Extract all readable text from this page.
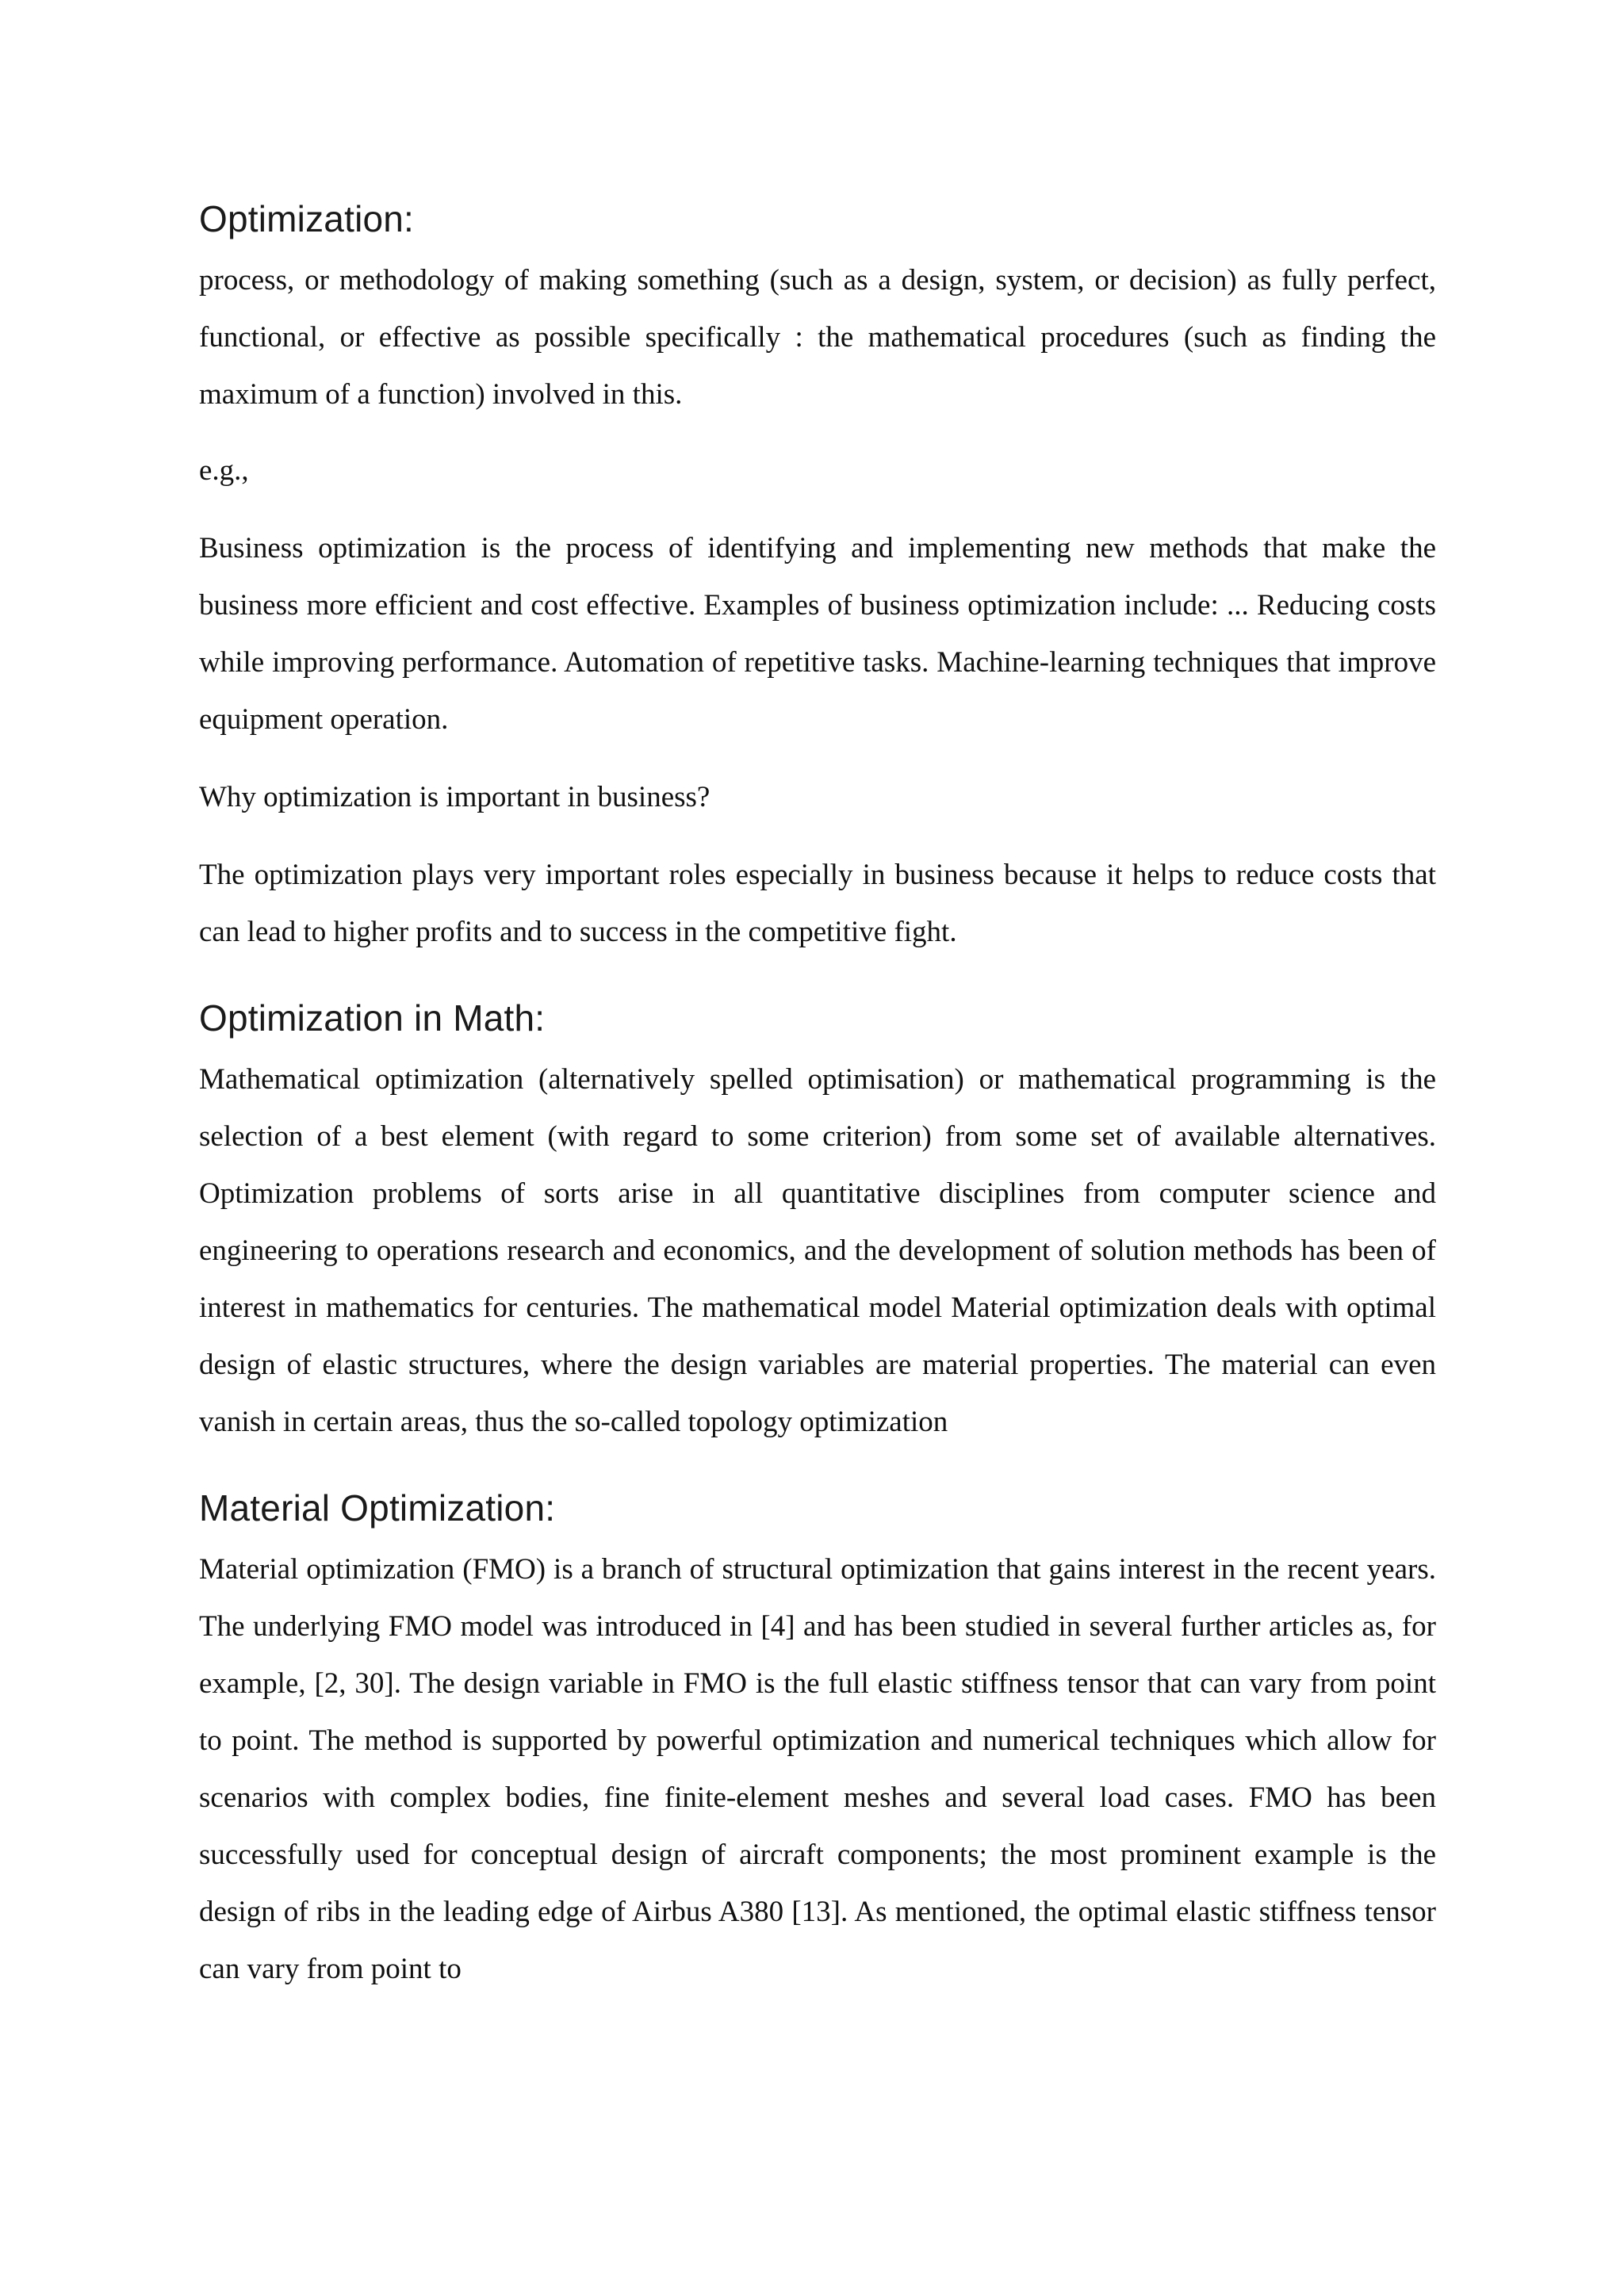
Optimization:

process, or methodology of making something (such as a design, system, or decision) as fully perfect, functional, or effective as possible specifically : the mathematical procedures (such as finding the maximum of a function) involved in this.

e.g.,

Business optimization is the process of identifying and implementing new methods that make the business more efficient and cost effective. Examples of business optimization include: ... Reducing costs while improving performance. Automation of repetitive tasks. Machine-learning techniques that improve equipment operation.

Why optimization is important in business?

The optimization plays very important roles especially in business because it helps to reduce costs that can lead to higher profits and to success in the competitive fight.

Optimization in Math:

Mathematical optimization (alternatively spelled optimisation) or mathematical programming is the selection of a best element (with regard to some criterion) from some set of available alternatives. Optimization problems of sorts arise in all quantitative disciplines from computer science and engineering to operations research and economics, and the development of solution methods has been of interest in mathematics for centuries. The mathematical model Material optimization deals with optimal design of elastic structures, where the design variables are material properties. The material can even vanish in certain areas, thus the so-called topology optimization

Material Optimization:

Material optimization (FMO) is a branch of structural optimization that gains interest in the recent years. The underlying FMO model was introduced in [4] and has been studied in several further articles as, for example, [2, 30]. The design variable in FMO is the full elastic stiffness tensor that can vary from point to point. The method is supported by powerful optimization and numerical techniques which allow for scenarios with complex bodies, fine finite-element meshes and several load cases. FMO has been successfully used for conceptual design of aircraft components; the most prominent example is the design of ribs in the leading edge of Airbus A380 [13]. As mentioned, the optimal elastic stiffness tensor can vary from point to
